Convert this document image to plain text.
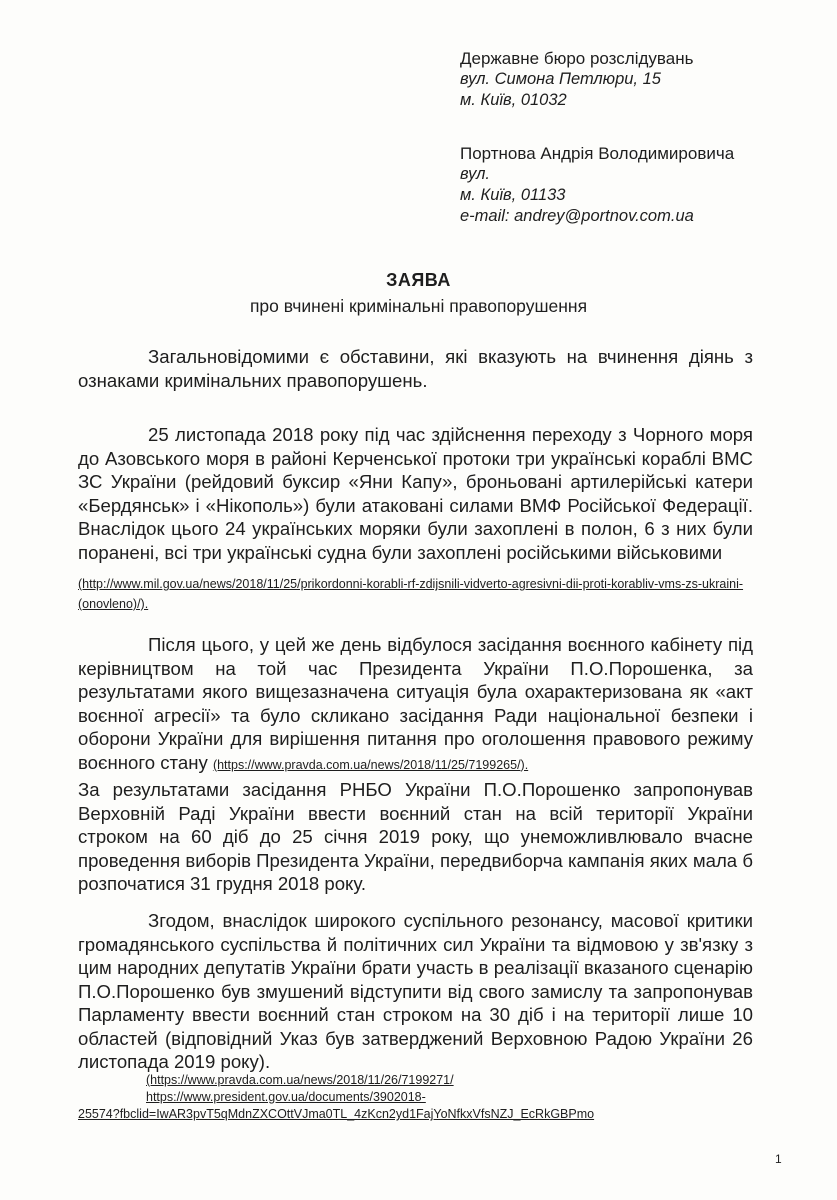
Державне бюро розслідувань
вул. Симона Петлюри, 15
м. Київ, 01032
Портнова Андрія Володимировича
вул.
м. Київ, 01133
e-mail: andrey@portnov.com.ua
ЗАЯВА
про вчинені кримінальні правопорушення
Загальновідомими є обставини, які вказують на вчинення діянь з ознаками кримінальних правопорушень.
25 листопада 2018 року під час здійснення переходу з Чорного моря до Азовського моря в районі Керченської протоки три українські кораблі ВМС ЗС України (рейдовий буксир «Яни Капу», броньовані артилерійські катери «Бердянськ» і «Нікополь») були атаковані силами ВМФ Російської Федерації. Внаслідок цього 24 українських моряки були захоплені в полон, 6 з них були поранені, всі три українські судна були захоплені російськими військовими
(http://www.mil.gov.ua/news/2018/11/25/prikordonni-korabli-rf-zdijsnili-vidverto-agresivni-dii-proti-korabliv-vms-zs-ukraini-(onovleno)/).
Після цього, у цей же день відбулося засідання воєнного кабінету під керівництвом на той час Президента України П.О.Порошенка, за результатами якого вищезазначена ситуація була охарактеризована як «акт воєнної агресії» та було скликано засідання Ради національної безпеки і оборони України для вирішення питання про оголошення правового режиму воєнного стану (https://www.pravda.com.ua/news/2018/11/25/7199265/).
За результатами засідання РНБО України П.О.Порошенко запропонував Верховній Раді України ввести воєнний стан на всій території України строком на 60 діб до 25 січня 2019 року, що унеможливлювало вчасне проведення виборів Президента України, передвиборча кампанія яких мала б розпочатися 31 грудня 2018 року.
Згодом, внаслідок широкого суспільного резонансу, масової критики громадянського суспільства й політичних сил України та відмовою у зв'язку з цим народних депутатів України брати участь в реалізації вказаного сценарію П.О.Порошенко був змушений відступити від свого замислу та запропонував Парламенту ввести воєнний стан строком на 30 діб і на території лише 10 областей (відповідний Указ був затверджений Верховною Радою України 26 листопада 2019 року).
(https://www.pravda.com.ua/news/2018/11/26/7199271/
https://www.president.gov.ua/documents/3902018-
25574?fbclid=IwAR3pvT5qMdnZXCOttVJma0TL_4zKcn2yd1FajYoNfkxVfsNZJ_EcRkGBPmo
1
